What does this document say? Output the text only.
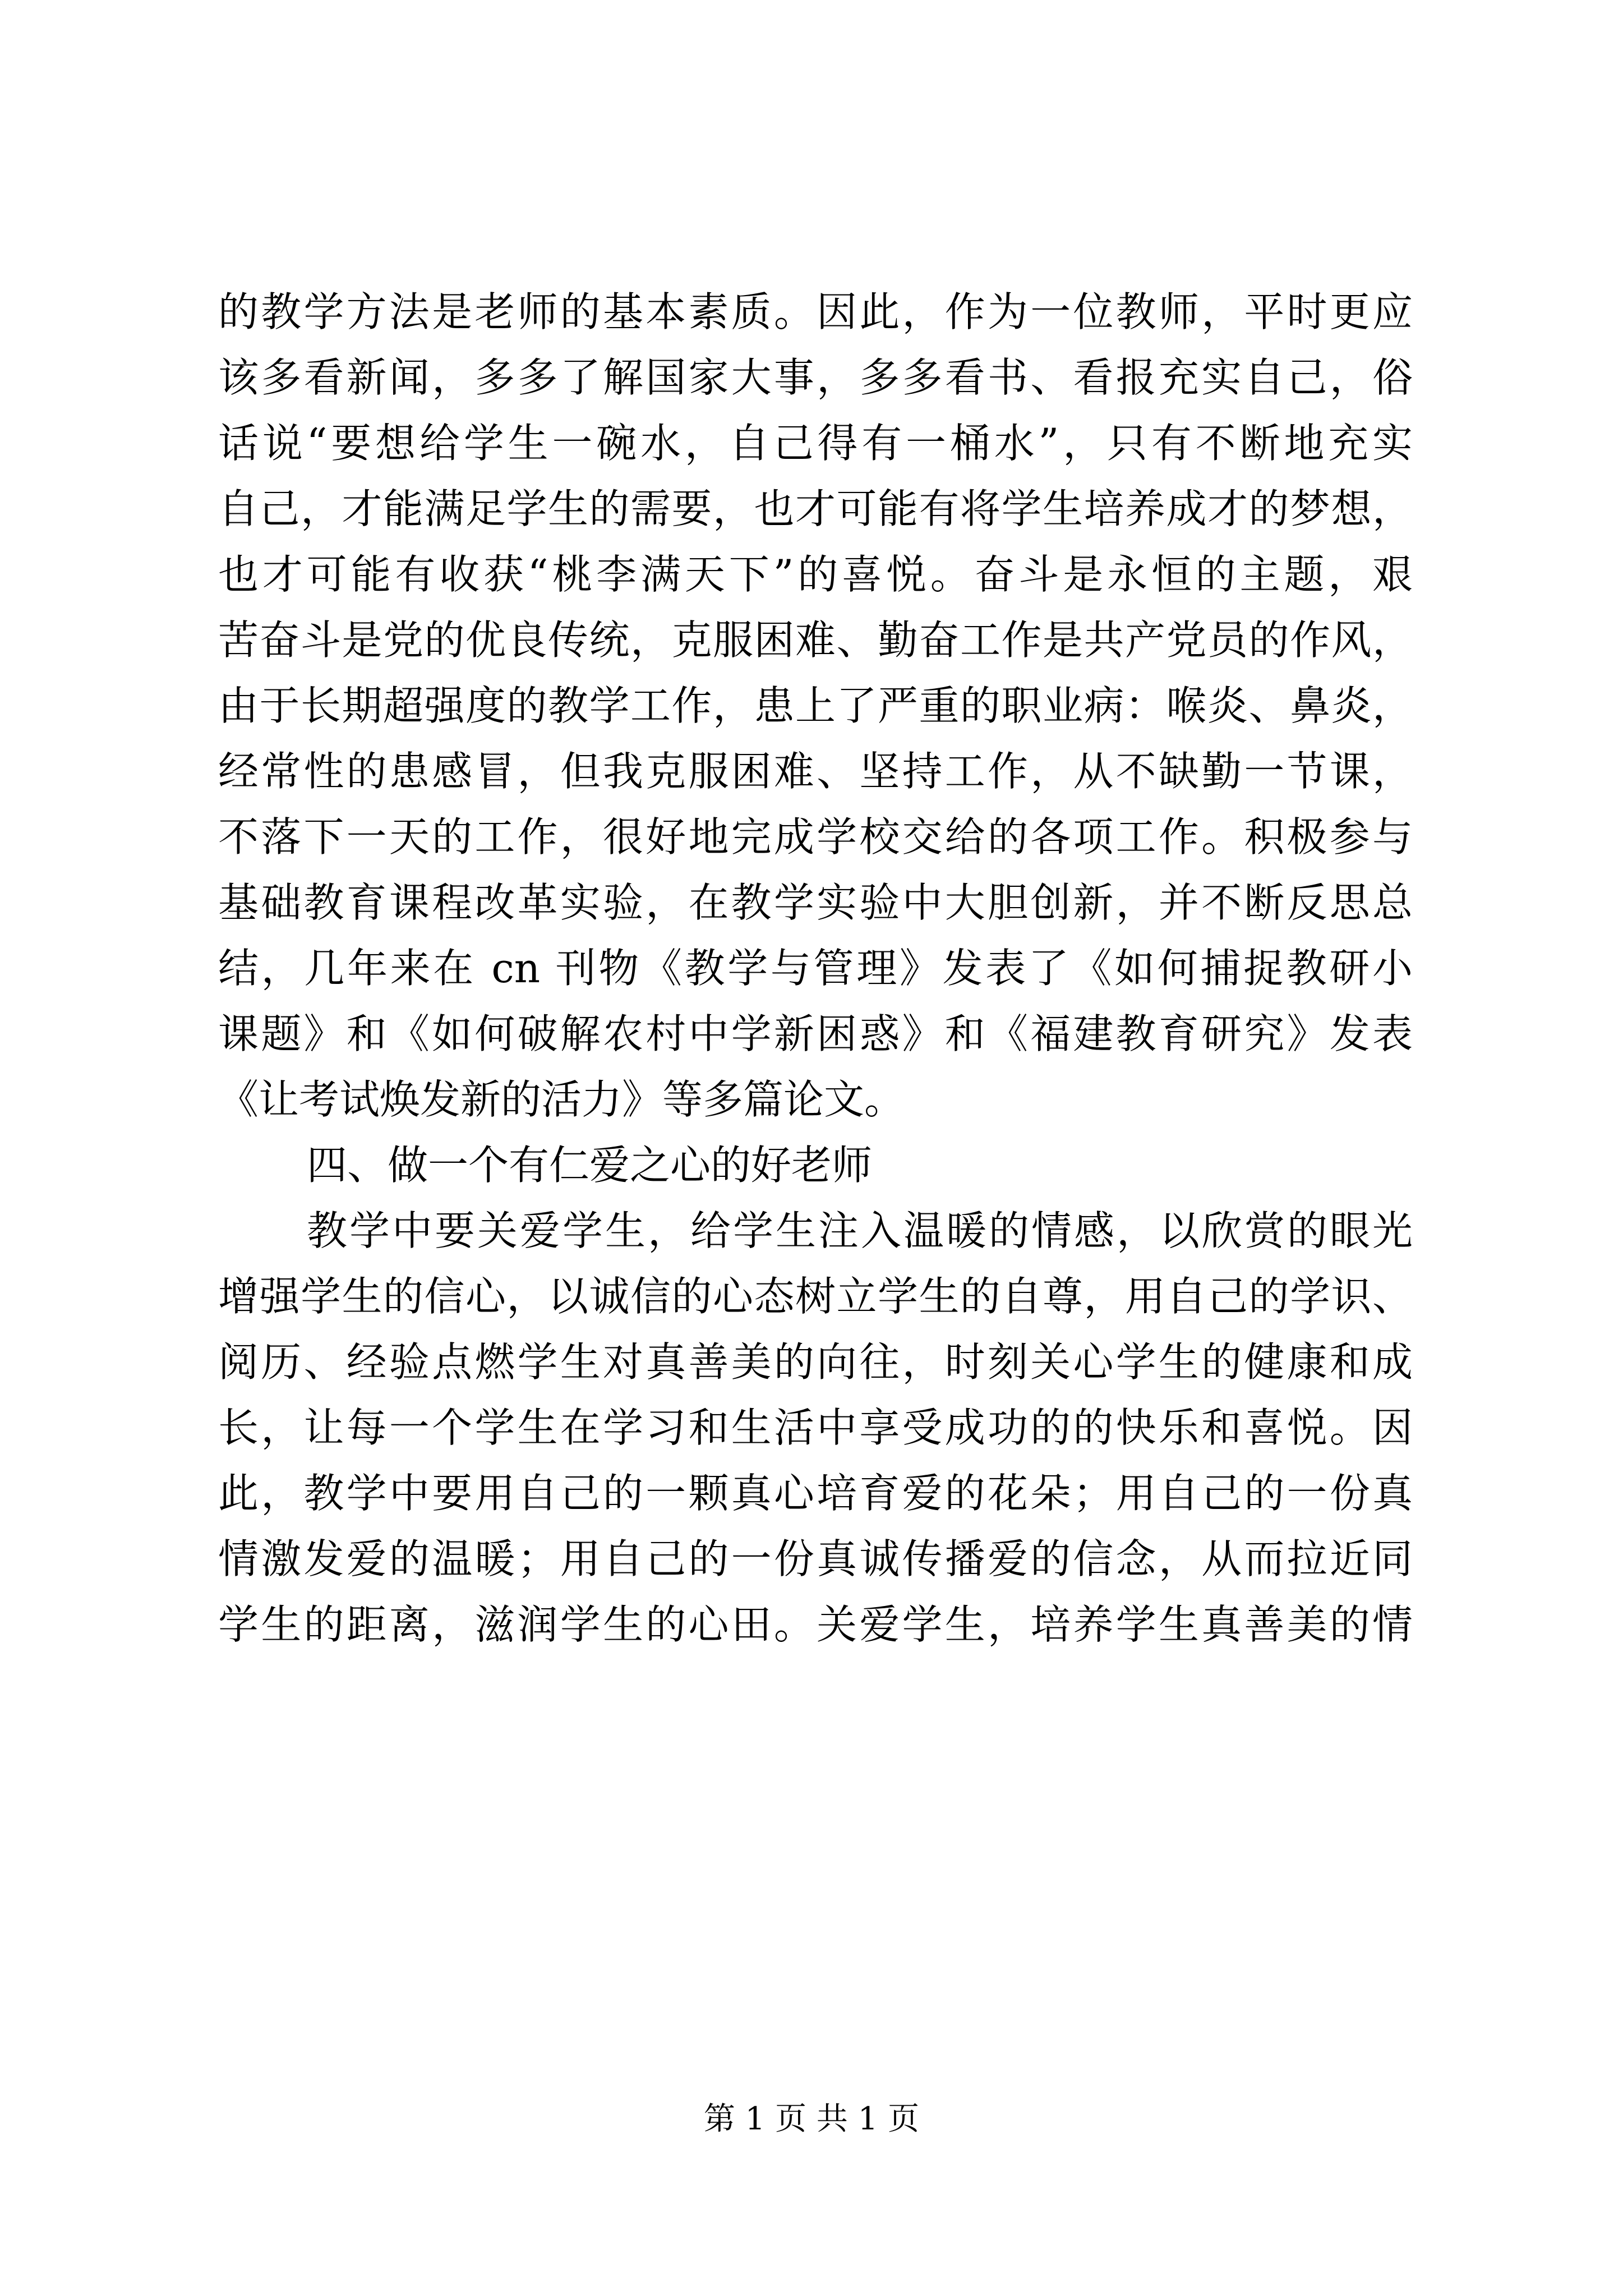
的教学方法是老师的基本素质。因此，作为一位教师，平时更应
该多看新闻，多多了解国家大事，多多看书、看报充实自己，俗
话说“要想给学生一碗水，自己得有一桶水”，只有不断地充实
自己，才能满足学生的需要，也才可能有将学生培养成才的梦想，
也才可能有收获“桃李满天下”的喜悦。奋斗是永恒的主题，艰
苦奋斗是党的优良传统，克服困难、勤奋工作是共产党员的作风，
由于长期超强度的教学工作，患上了严重的职业病：喉炎、鼻炎，
经常性的患感冒，但我克服困难、坚持工作，从不缺勤一节课，
不落下一天的工作，很好地完成学校交给的各项工作。积极参与
基础教育课程改革实验，在教学实验中大胆创新，并不断反思总
结，几年来在 cn 刊物《教学与管理》发表了《如何捕捉教研小
课题》和《如何破解农村中学新困惑》和《福建教育研究》发表
《让考试焕发新的活力》等多篇论文。
四、做一个有仁爱之心的好老师
教学中要关爱学生，给学生注入温暖的情感，以欣赏的眼光
增强学生的信心，以诚信的心态树立学生的自尊，用自己的学识、
阅历、经验点燃学生对真善美的向往，时刻关心学生的健康和成
长，让每一个学生在学习和生活中享受成功的的快乐和喜悦。因
此，教学中要用自己的一颗真心培育爱的花朵；用自己的一份真
情激发爱的温暖；用自己的一份真诚传播爱的信念，从而拉近同
学生的距离，滋润学生的心田。关爱学生，培养学生真善美的情
第 1 页 共 1 页
